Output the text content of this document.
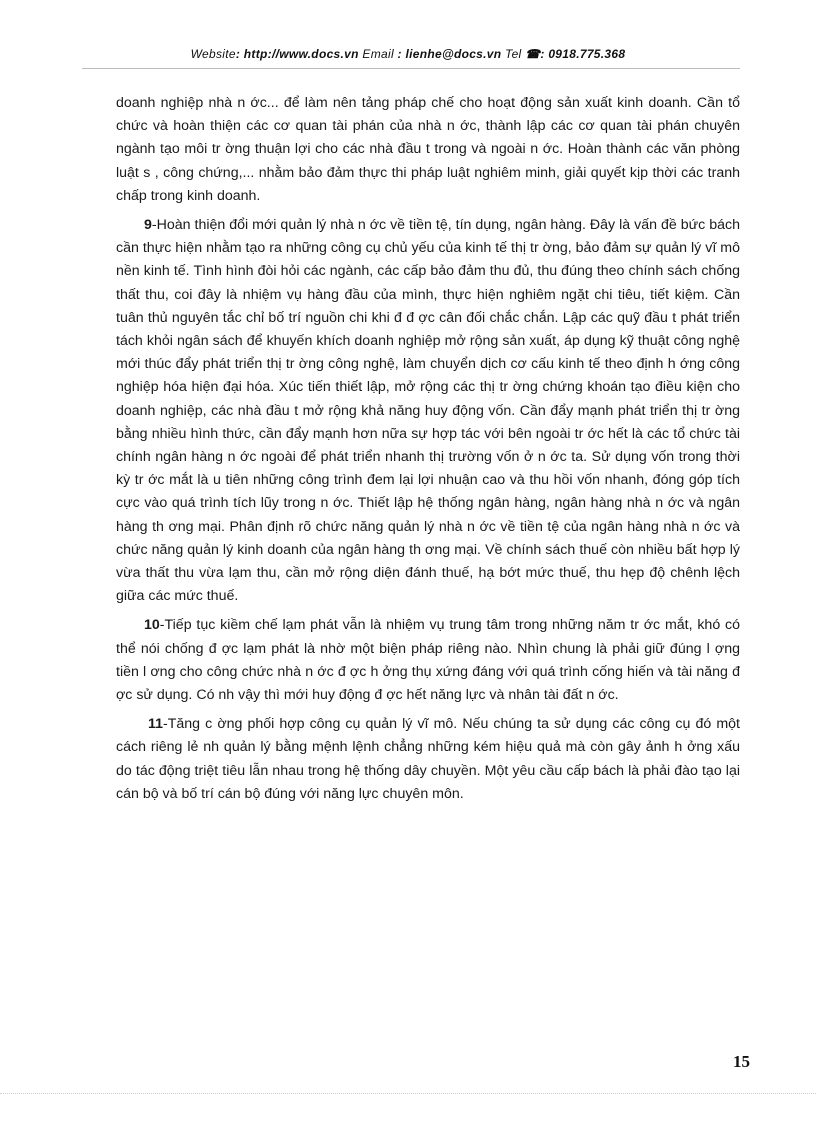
Website: http://www.docs.vn Email : lienhe@docs.vn Tel ☎: 0918.775.368

doanh nghiệp nhà n ớc... để làm nên tảng pháp chế cho hoạt động sản xuất kinh doanh. Cần tổ chức và hoàn thiện các cơ quan tài phán của nhà n ớc, thành lập các cơ quan tài phán chuyên ngành tạo môi tr ờng thuận lợi cho các nhà đầu t trong và ngoài n ớc. Hoàn thành các văn phòng luật s , công chứng,... nhằm bảo đảm thực thi pháp luật nghiêm minh, giải quyết kịp thời các tranh chấp trong kinh doanh.

9-Hoàn thiện đổi mới quản lý nhà n ớc về tiền tệ, tín dụng, ngân hàng. Đây là vấn đề bức bách cần thực hiện nhằm tạo ra những công cụ chủ yếu của kinh tế thị tr ờng, bảo đảm sự quản lý vĩ mô nền kinh tế. Tình hình đòi hỏi các ngành, các cấp bảo đảm thu đủ, thu đúng theo chính sách chống thất thu, coi đây là nhiệm vụ hàng đầu của mình, thực hiện nghiêm ngặt chi tiêu, tiết kiệm. Cần tuân thủ nguyên tắc chỉ bố trí nguồn chi khi đ đ ợc cân đối chắc chắn. Lập các quỹ đầu t phát triển tách khỏi ngân sách để khuyến khích doanh nghiệp mở rộng sản xuất, áp dụng kỹ thuật công nghệ mới thúc đẩy phát triển thị tr ờng công nghệ, làm chuyển dịch cơ cấu kinh tế theo định h ớng công nghiệp hóa hiện đại hóa. Xúc tiến thiết lập, mở rộng các thị tr ờng chứng khoán tạo điều kiện cho doanh nghiệp, các nhà đầu t mở rộng khả năng huy động vốn. Cần đẩy mạnh phát triển thị tr ờng bằng nhiều hình thức, cần đẩy mạnh hơn nữa sự hợp tác với bên ngoài tr ớc hết là các tổ chức tài chính ngân hàng n ớc ngoài để phát triển nhanh thị trường vốn ở n ớc ta. Sử dụng vốn trong thời kỳ tr ớc mắt là u tiên những công trình đem lại lợi nhuận cao và thu hồi vốn nhanh, đóng góp tích cực vào quá trình tích lũy trong n ớc. Thiết lập hệ thống ngân hàng, ngân hàng nhà n ớc và ngân hàng th ơng mại. Phân định rõ chức năng quản lý nhà n ớc về tiền tệ của ngân hàng nhà n ớc và chức năng quản lý kinh doanh của ngân hàng th ơng mại. Về chính sách thuế còn nhiều bất hợp lý vừa thất thu vừa lạm thu, cần mở rộng diện đánh thuế, hạ bớt mức thuế, thu hẹp độ chênh lệch giữa các mức thuế.

10-Tiếp tục kiềm chế lạm phát vẫn là nhiệm vụ trung tâm trong những năm tr ớc mắt, khó có thể nói chống đ ợc lạm phát là nhờ một biện pháp riêng nào. Nhìn chung là phải giữ đúng l ợng tiền l ơng cho công chức nhà n ớc đ ợc h ởng thụ xứng đáng với quá trình cống hiến và tài năng đ ợc sử dụng. Có nh vậy thì mới huy động đ ợc hết năng lực và nhân tài đất n ớc.

11-Tăng c ờng phối hợp công cụ quản lý vĩ mô. Nếu chúng ta sử dụng các công cụ đó một cách riêng lẻ nh quản lý bằng mệnh lệnh chẳng những kém hiệu quả mà còn gây ảnh h ởng xấu do tác động triệt tiêu lẫn nhau trong hệ thống dây chuyền. Một yêu cầu cấp bách là phải đào tạo lại cán bộ và bố trí cán bộ đúng với năng lực chuyên môn.

15
